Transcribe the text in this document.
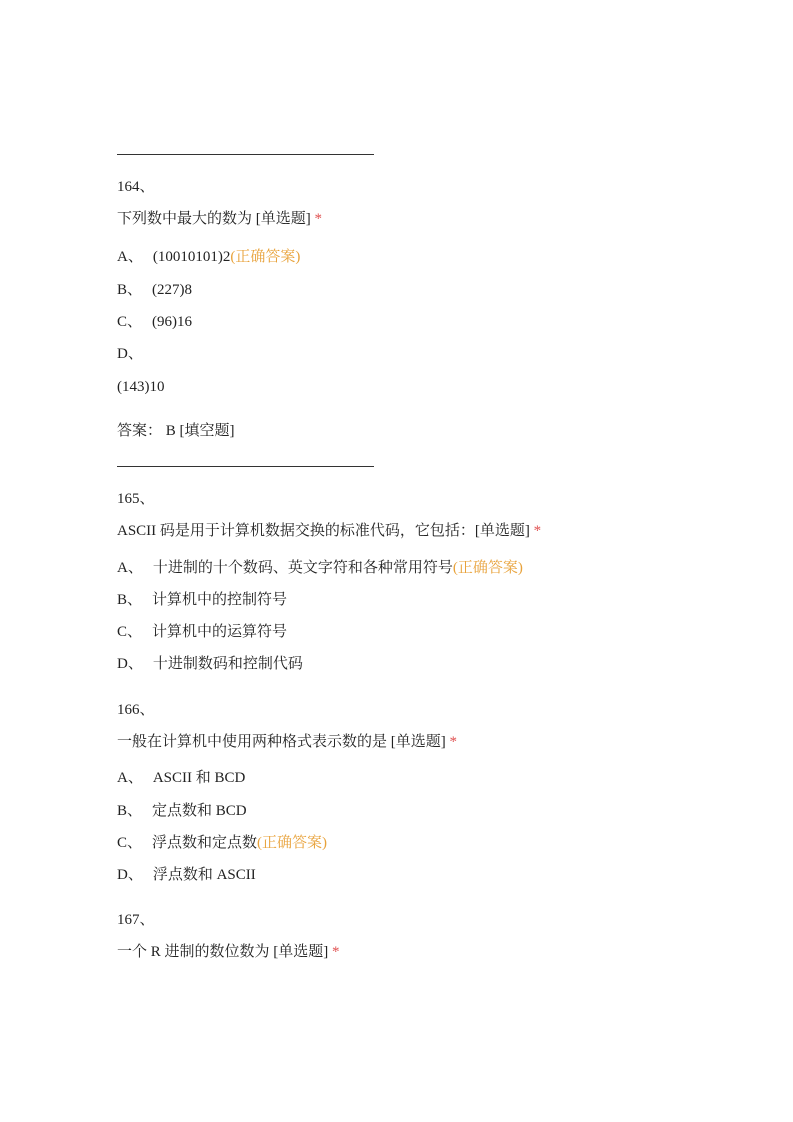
164、
下列数中最大的数为 [单选题] *
A、 (10010101)2(正确答案)
B、 (227)8
C、 (96)16
D、
(143)10
答案： B [填空题]
165、
ASCII 码是用于计算机数据交换的标准代码，它包括：[单选题] *
A、 十进制的十个数码、英文字符和各种常用符号(正确答案)
B、 计算机中的控制符号
C、 计算机中的运算符号
D、 十进制数码和控制代码
166、
一般在计算机中使用两种格式表示数的是 [单选题] *
A、 ASCII 和 BCD
B、 定点数和 BCD
C、 浮点数和定点数(正确答案)
D、 浮点数和 ASCII
167、
一个 R 进制的数位数为 [单选题] *
